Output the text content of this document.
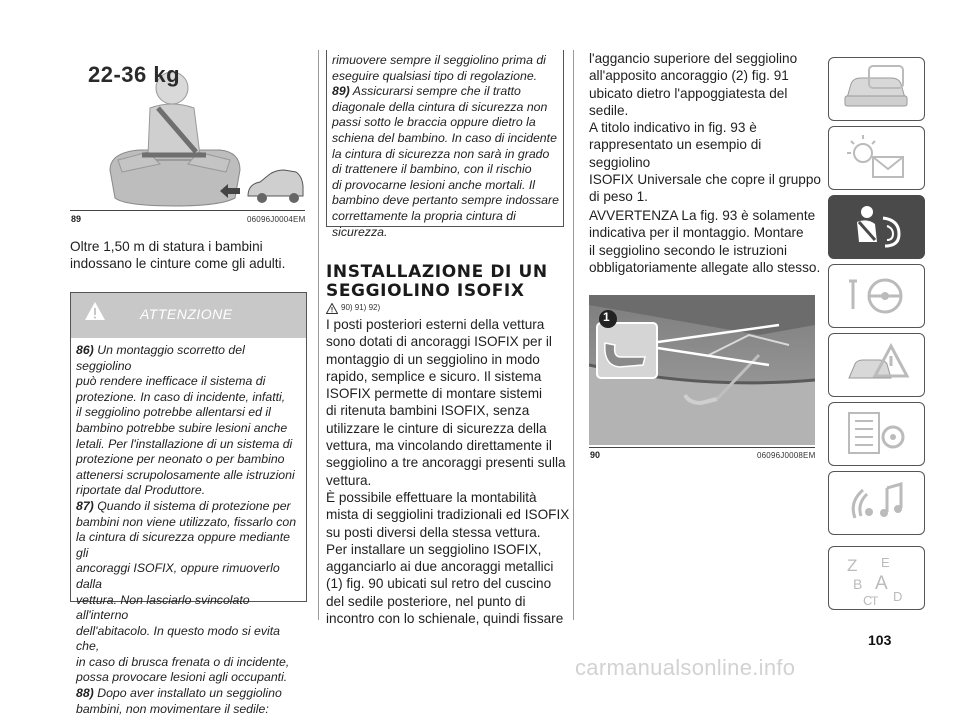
22-36 kg
89	06096J0004EM
Oltre 1,50 m di statura i bambini
indossano le cinture come gli adulti.
ATTENZIONE
86) Un montaggio scorretto del seggiolino
può rendere inefficace il sistema di
protezione. In caso di incidente, infatti,
il seggiolino potrebbe allentarsi ed il
bambino potrebbe subire lesioni anche
letali. Per l'installazione di un sistema di
protezione per neonato o per bambino
attenersi scrupolosamente alle istruzioni
riportate dal Produttore.
87) Quando il sistema di protezione per
bambini non viene utilizzato, fissarlo con
la cintura di sicurezza oppure mediante gli
ancoraggi ISOFIX, oppure rimuoverlo dalla
vettura. Non lasciarlo svincolato all'interno
dell'abitacolo. In questo modo si evita che,
in caso di brusca frenata o di incidente,
possa provocare lesioni agli occupanti.
88) Dopo aver installato un seggiolino
bambini, non movimentare il sedile:
rimuovere sempre il seggiolino prima di
eseguire qualsiasi tipo di regolazione.
89) Assicurarsi sempre che il tratto
diagonale della cintura di sicurezza non
passi sotto le braccia oppure dietro la
schiena del bambino. In caso di incidente
la cintura di sicurezza non sarà in grado
di trattenere il bambino, con il rischio
di provocarne lesioni anche mortali. Il
bambino deve pertanto sempre indossare
correttamente la propria cintura di
sicurezza.
INSTALLAZIONE DI UN
SEGGIOLINO ISOFIX
90) 91) 92)
I posti posteriori esterni della vettura
sono dotati di ancoraggi ISOFIX per il
montaggio di un seggiolino in modo
rapido, semplice e sicuro. Il sistema
ISOFIX permette di montare sistemi
di ritenuta bambini ISOFIX, senza
utilizzare le cinture di sicurezza della
vettura, ma vincolando direttamente il
seggiolino a tre ancoraggi presenti sulla
vettura.
È possibile effettuare la montabilità
mista di seggiolini tradizionali ed ISOFIX
su posti diversi della stessa vettura.
Per installare un seggiolino ISOFIX,
agganciarlo ai due ancoraggi metallici
(1) fig. 90 ubicati sul retro del cuscino
del sedile posteriore, nel punto di
incontro con lo schienale, quindi fissare
l'aggancio superiore del seggiolino
all'apposito ancoraggio (2) fig. 91
ubicato dietro l'appoggiatesta del
sedile.
A titolo indicativo in fig. 93 è
rappresentato un esempio di seggiolino
ISOFIX Universale che copre il gruppo
di peso 1.
AVVERTENZA La fig. 93 è solamente
indicativa per il montaggio. Montare
il seggiolino secondo le istruzioni
obbligatoriamente allegate allo stesso.
1
90	06096J0008EM
Z E
B A
C
T D
103
carmanualsonline.info
